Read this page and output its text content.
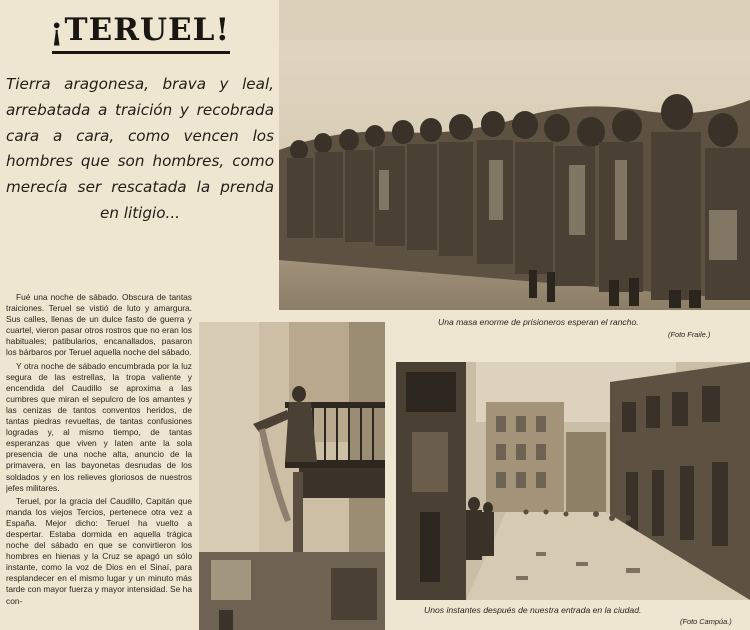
¡TERUEL!
Tierra aragonesa, brava y leal, arrebatada a traición y recobrada cara a cara, como vencen los hombres que son hombres, como merecía ser rescatada la prenda en litigio...

Fué una noche de sábado. Obscura de tantas traiciones. Teruel se vistió de luto y amargura. Sus calles, llenas de un dulce fasto de guerra y cuartel, vieron pasar otros rostros que no eran los habituales; patibularios, encanallados, pasaron los bárbaros por Teruel aquella noche del sábado.

Y otra noche de sábado encumbrada por la luz segura de las estrellas, la tropa valiente y encendida del Caudillo se aproxima a las cumbres que miran el sepulcro de los amantes y las cenizas de tantos conventos heridos, de tantas piedras revueltas, de tantas confusiones logradas y, al mismo tiempo, de tantas esperanzas que viven y laten ante la sola presencia de una noche alta, anuncio de la primavera, en las bayonetas desnudas de los soldados y en los relieves gloriosos de nuestros jefes militares.

Teruel, por la gracia del Caudillo, Capitán que manda los viejos Tercios, pertenece otra vez a España. Mejor dicho: Teruel ha vuelto a despertar. Estaba dormida en aquella trágica noche del sábado en que se convirtieron los hombres en hienas y la Cruz se apagó un sólo instante, como la voz de Dios en el Sinaí, para resplandecer en el mismo lugar y un minuto más tarde con mayor fuerza y mayor intensidad. Se ha con-

Una masa enorme de prisioneros esperan el rancho.
(Foto Fraile.)
Unos instantes después de nuestra entrada en la ciudad.
(Foto Campúa.)
